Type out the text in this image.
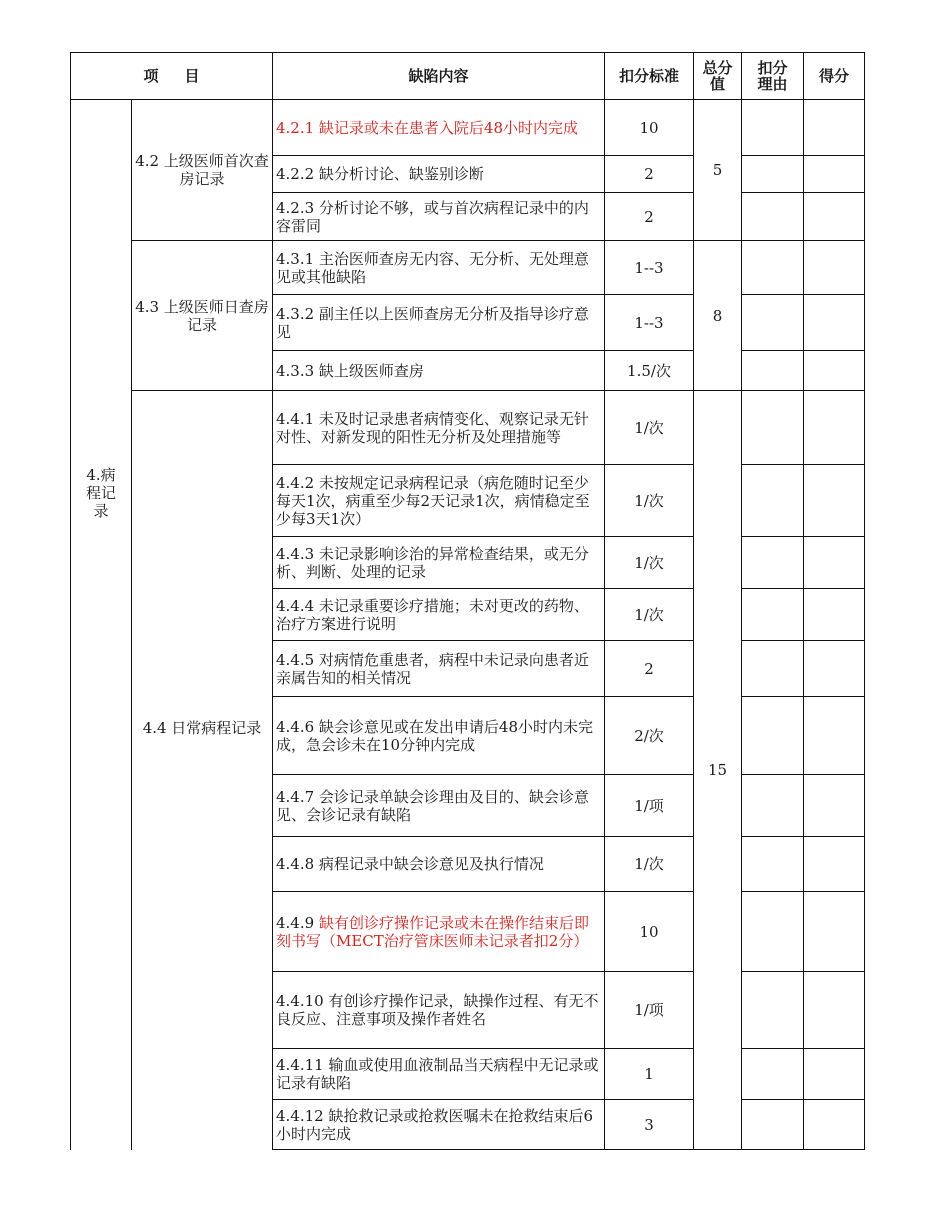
项 目		缺陷内容	扣分标准	总分值	扣分理由	得分
4.病程记录	4.2 上级医师首次查房记录	4.2.1 缺记录或未在患者入院后48小时内完成	10	5		
		4.2.2 缺分析讨论、缺鉴别诊断	2			
		4.2.3 分析讨论不够，或与首次病程记录中的内容雷同	2			
	4.3 上级医师日查房记录	4.3.1 主治医师查房无内容、无分析、无处理意见或其他缺陷	1--3	8		
		4.3.2 副主任以上医师查房无分析及指导诊疗意见	1--3			
		4.3.3 缺上级医师查房	1.5/次			
	4.4 日常病程记录	4.4.1 未及时记录患者病情变化、观察记录无针对性、对新发现的阳性无分析及处理措施等	1/次	15		
		4.4.2 未按规定记录病程记录（病危随时记至少每天1次，病重至少每2天记录1次，病情稳定至少每3天1次）	1/次			
		4.4.3 未记录影响诊治的异常检查结果，或无分析、判断、处理的记录	1/次			
		4.4.4 未记录重要诊疗措施；未对更改的药物、治疗方案进行说明	1/次			
		4.4.5 对病情危重患者，病程中未记录向患者近亲属告知的相关情况	2			
		4.4.6 缺会诊意见或在发出申请后48小时内未完成，急会诊未在10分钟内完成	2/次			
		4.4.7 会诊记录单缺会诊理由及目的、缺会诊意见、会诊记录有缺陷	1/项			
		4.4.8 病程记录中缺会诊意见及执行情况	1/次			
		4.4.9 缺有创诊疗操作记录或未在操作结束后即刻书写（MECT治疗管床医师未记录者扣2分）	10			
		4.4.10 有创诊疗操作记录，缺操作过程、有无不良反应、注意事项及操作者姓名	1/项			
		4.4.11 输血或使用血液制品当天病程中无记录或记录有缺陷	1			
		4.4.12 缺抢救记录或抢救医嘱未在抢救结束后6小时内完成	3			
